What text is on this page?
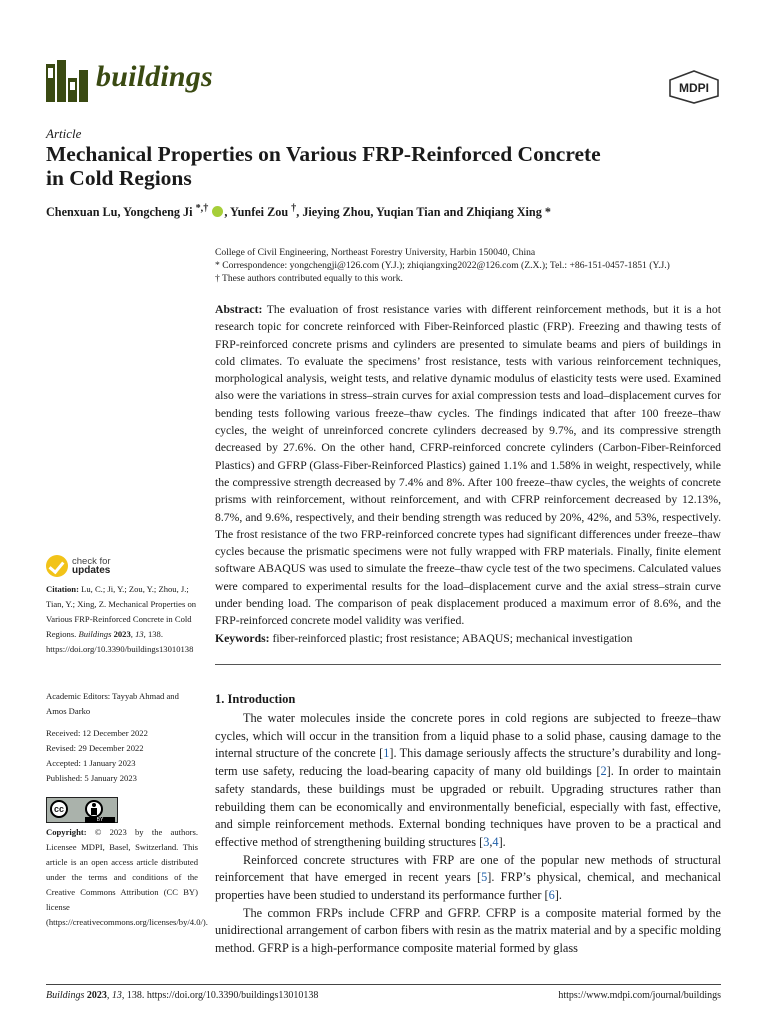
buildings	MDPI
Article
Mechanical Properties on Various FRP-Reinforced Concrete
in Cold Regions
Chenxuan Lu, Yongcheng Ji *,† , Yunfei Zou †, Jieying Zhou, Yuqian Tian and Zhiqiang Xing *
College of Civil Engineering, Northeast Forestry University, Harbin 150040, China
* Correspondence: yongchengji@126.com (Y.J.); zhiqiangxing2022@126.com (Z.X.); Tel.: +86-151-0457-1851 (Y.J.)
† These authors contributed equally to this work.
Abstract: The evaluation of frost resistance varies with different reinforcement methods, but it is a hot research topic for concrete reinforced with Fiber-Reinforced plastic (FRP). Freezing and thawing tests of FRP-reinforced concrete prisms and cylinders are presented to simulate beams and piers of buildings in cold climates. To evaluate the specimens’ frost resistance, tests with various reinforcement techniques, morphological analysis, weight tests, and relative dynamic modulus of elasticity tests were used. Examined also were the variations in stress–strain curves for axial compression tests and load–displacement curves for bending tests following various freeze–thaw cycles. The findings indicated that after 100 freeze–thaw cycles, the weight of unreinforced concrete cylinders decreased by 9.7%, and its compressive strength decreased by 27.6%. On the other hand, CFRP-reinforced concrete cylinders (Carbon-Fiber-Reinforced Plastics) and GFRP (Glass-Fiber-Reinforced Plastics) gained 1.1% and 1.58% in weight, respectively, while the compressive strength decreased by 7.4% and 8%. After 100 freeze–thaw cycles, the weights of concrete prisms with reinforcement, without reinforcement, and with CFRP reinforcement decreased by 12.13%, 8.7%, and 9.6%, respectively, and their bending strength was reduced by 20%, 42%, and 53%, respectively. The frost resistance of the two FRP-reinforced concrete types had significant differences under freeze–thaw cycles because the prismatic specimens were not fully wrapped with FRP materials. Finally, finite element software ABAQUS was used to simulate the freeze–thaw cycle test of the two specimens. Calculated values were compared to experimental results for the load–displacement curve and the axial stress–strain curve under bending load. The comparison of peak displacement produced a maximum error of 8.6%, and the FRP-reinforced concrete model validity was verified.
Keywords: fiber-reinforced plastic; frost resistance; ABAQUS; mechanical investigation
1. Introduction

The water molecules inside the concrete pores in cold regions are subjected to freeze–thaw cycles, which will occur in the transition from a liquid phase to a solid phase, causing damage to the internal structure of the concrete [1]. This damage seriously affects the structure’s durability and long-term use safety, reducing the load-bearing capacity of many old buildings [2]. In order to maintain safety standards, these buildings must be upgraded or rebuilt. Upgrading structures rather than rebuilding them can be economically and environmentally beneficial, especially with fast, effective, and simple reinforcement methods. External bonding techniques have proven to be a practical and effective method of strengthening building structures [3,4].

Reinforced concrete structures with FRP are one of the popular new methods of structural reinforcement that have emerged in recent years [5]. FRP’s physical, chemical, and mechanical properties have been studied to understand its performance further [6].

The common FRPs include CFRP and GFRP. CFRP is a composite material formed by the unidirectional arrangement of carbon fibers with resin as the matrix material and by a specific molding method. GFRP is a high-performance composite material formed by glass

check for
updates
Citation: Lu, C.; Ji, Y.; Zou, Y.; Zhou, J.; Tian, Y.; Xing, Z. Mechanical Properties on Various FRP-Reinforced Concrete in Cold Regions. Buildings 2023, 13, 138. https://doi.org/10.3390/buildings13010138
Academic Editors: Tayyab Ahmad and Amos Darko
Received: 12 December 2022
Revised: 29 December 2022
Accepted: 1 January 2023
Published: 5 January 2023
cc
BY
Copyright: © 2023 by the authors. Licensee MDPI, Basel, Switzerland. This article is an open access article distributed under the terms and conditions of the Creative Commons Attribution (CC BY) license (https://creativecommons.org/licenses/by/4.0/).
Buildings 2023, 13, 138. https://doi.org/10.3390/buildings13010138	https://www.mdpi.com/journal/buildings
